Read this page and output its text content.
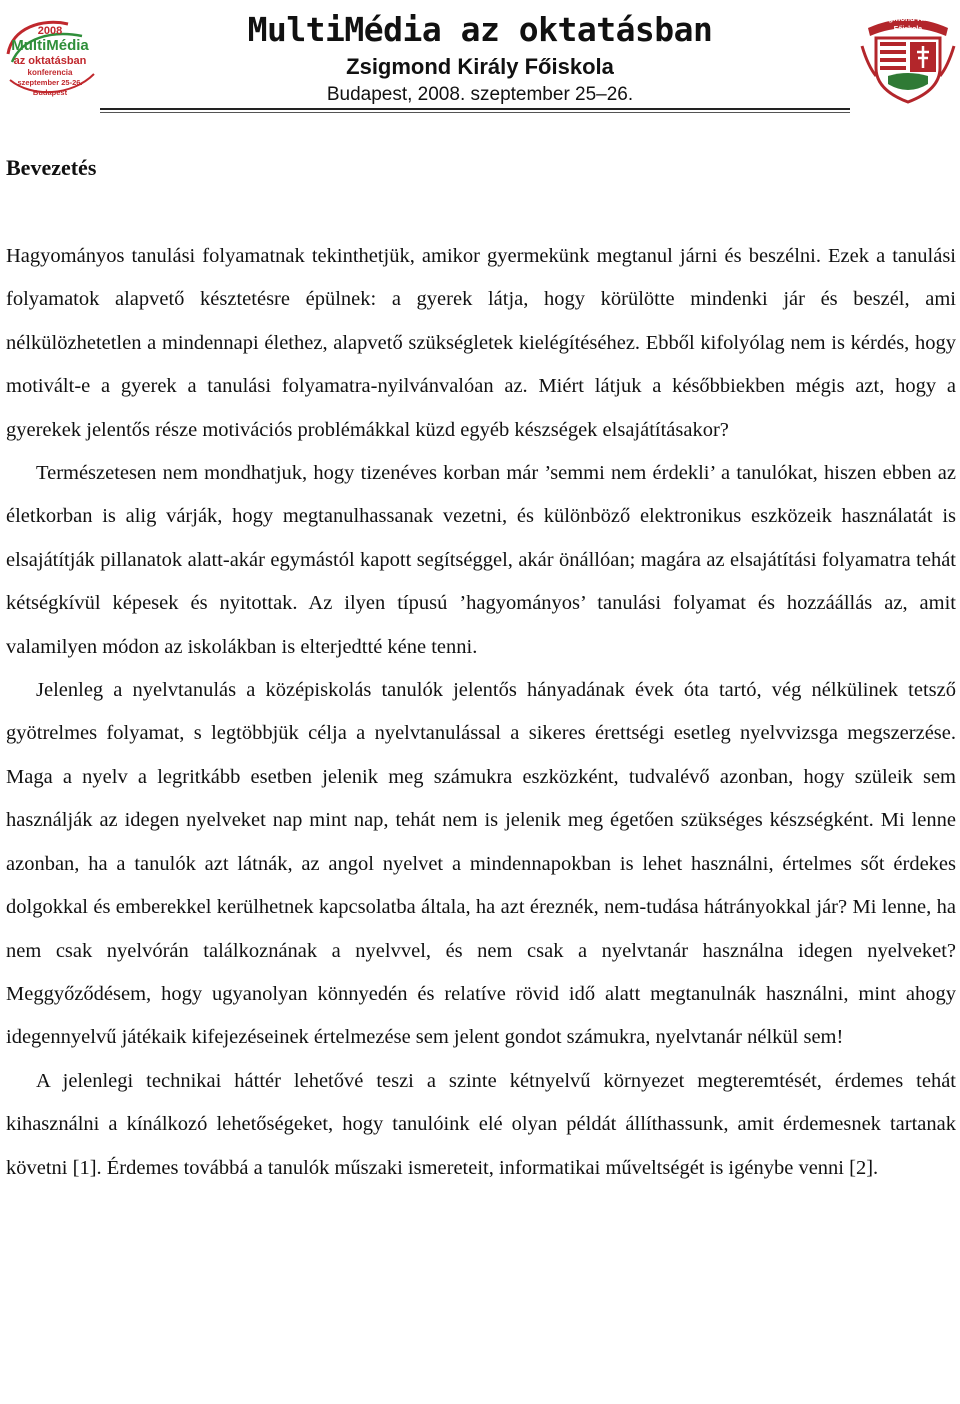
2008
MultiMédia
az oktatásban
konferencia
szeptember 25-26.
Budapest
MultiMédia az oktatásban
Zsigmond Király Főiskola
Budapest, 2008. szeptember 25–26.
Zsigmond Király
Főiskola
Bevezetés

Hagyományos tanulási folyamatnak tekinthetjük, amikor gyermekünk megtanul járni és beszélni. Ezek a tanulási folyamatok alapvető késztetésre épülnek: a gyerek látja, hogy körülötte mindenki jár és beszél, ami nélkülözhetetlen a mindennapi élethez, alapvető szükségletek kielégítéséhez. Ebből kifolyólag nem is kérdés, hogy motivált-e a gyerek a tanulási folyamatra-nyilvánvalóan az. Miért látjuk a későbbiekben mégis azt, hogy a gyerekek jelentős része motivációs problémákkal küzd egyéb készségek elsajátításakor?

Természetesen nem mondhatjuk, hogy tizenéves korban már ’semmi nem érdekli’ a tanulókat, hiszen ebben az életkorban is alig várják, hogy megtanulhassanak vezetni, és különböző elektronikus eszközeik használatát is elsajátítják pillanatok alatt-akár egymástól kapott segítséggel, akár önállóan; magára az elsajátítási folyamatra tehát kétségkívül képesek és nyitottak. Az ilyen típusú ’hagyományos’ tanulási folyamat és hozzáállás az, amit valamilyen módon az iskolákban is elterjedtté kéne tenni.

Jelenleg a nyelvtanulás a középiskolás tanulók jelentős hányadának évek óta tartó, vég nélkülinek tetsző gyötrelmes folyamat, s legtöbbjük célja a nyelvtanulással a sikeres érettségi esetleg nyelvvizsga megszerzése. Maga a nyelv a legritkább esetben jelenik meg számukra eszközként, tudvalévő azonban, hogy szüleik sem használják az idegen nyelveket nap mint nap, tehát nem is jelenik meg égetően szükséges készségként. Mi lenne azonban, ha a tanulók azt látnák, az angol nyelvet a mindennapokban is lehet használni, értelmes sőt érdekes dolgokkal és emberekkel kerülhetnek kapcsolatba általa, ha azt éreznék, nem-tudása hátrányokkal jár? Mi lenne, ha nem csak nyelvórán találkoznának a nyelvvel, és nem csak a nyelvtanár használna idegen nyelveket? Meggyőződésem, hogy ugyanolyan könnyedén és relatíve rövid idő alatt megtanulnák használni, mint ahogy idegennyelvű játékaik kifejezéseinek értelmezése sem jelent gondot számukra, nyelvtanár nélkül sem!

A jelenlegi technikai háttér lehetővé teszi a szinte kétnyelvű környezet megteremtését, érdemes tehát kihasználni a kínálkozó lehetőségeket, hogy tanulóink elé olyan példát állíthassunk, amit érdemesnek tartanak követni [1]. Érdemes továbbá a tanulók műszaki ismereteit, informatikai műveltségét is igénybe venni [2].
